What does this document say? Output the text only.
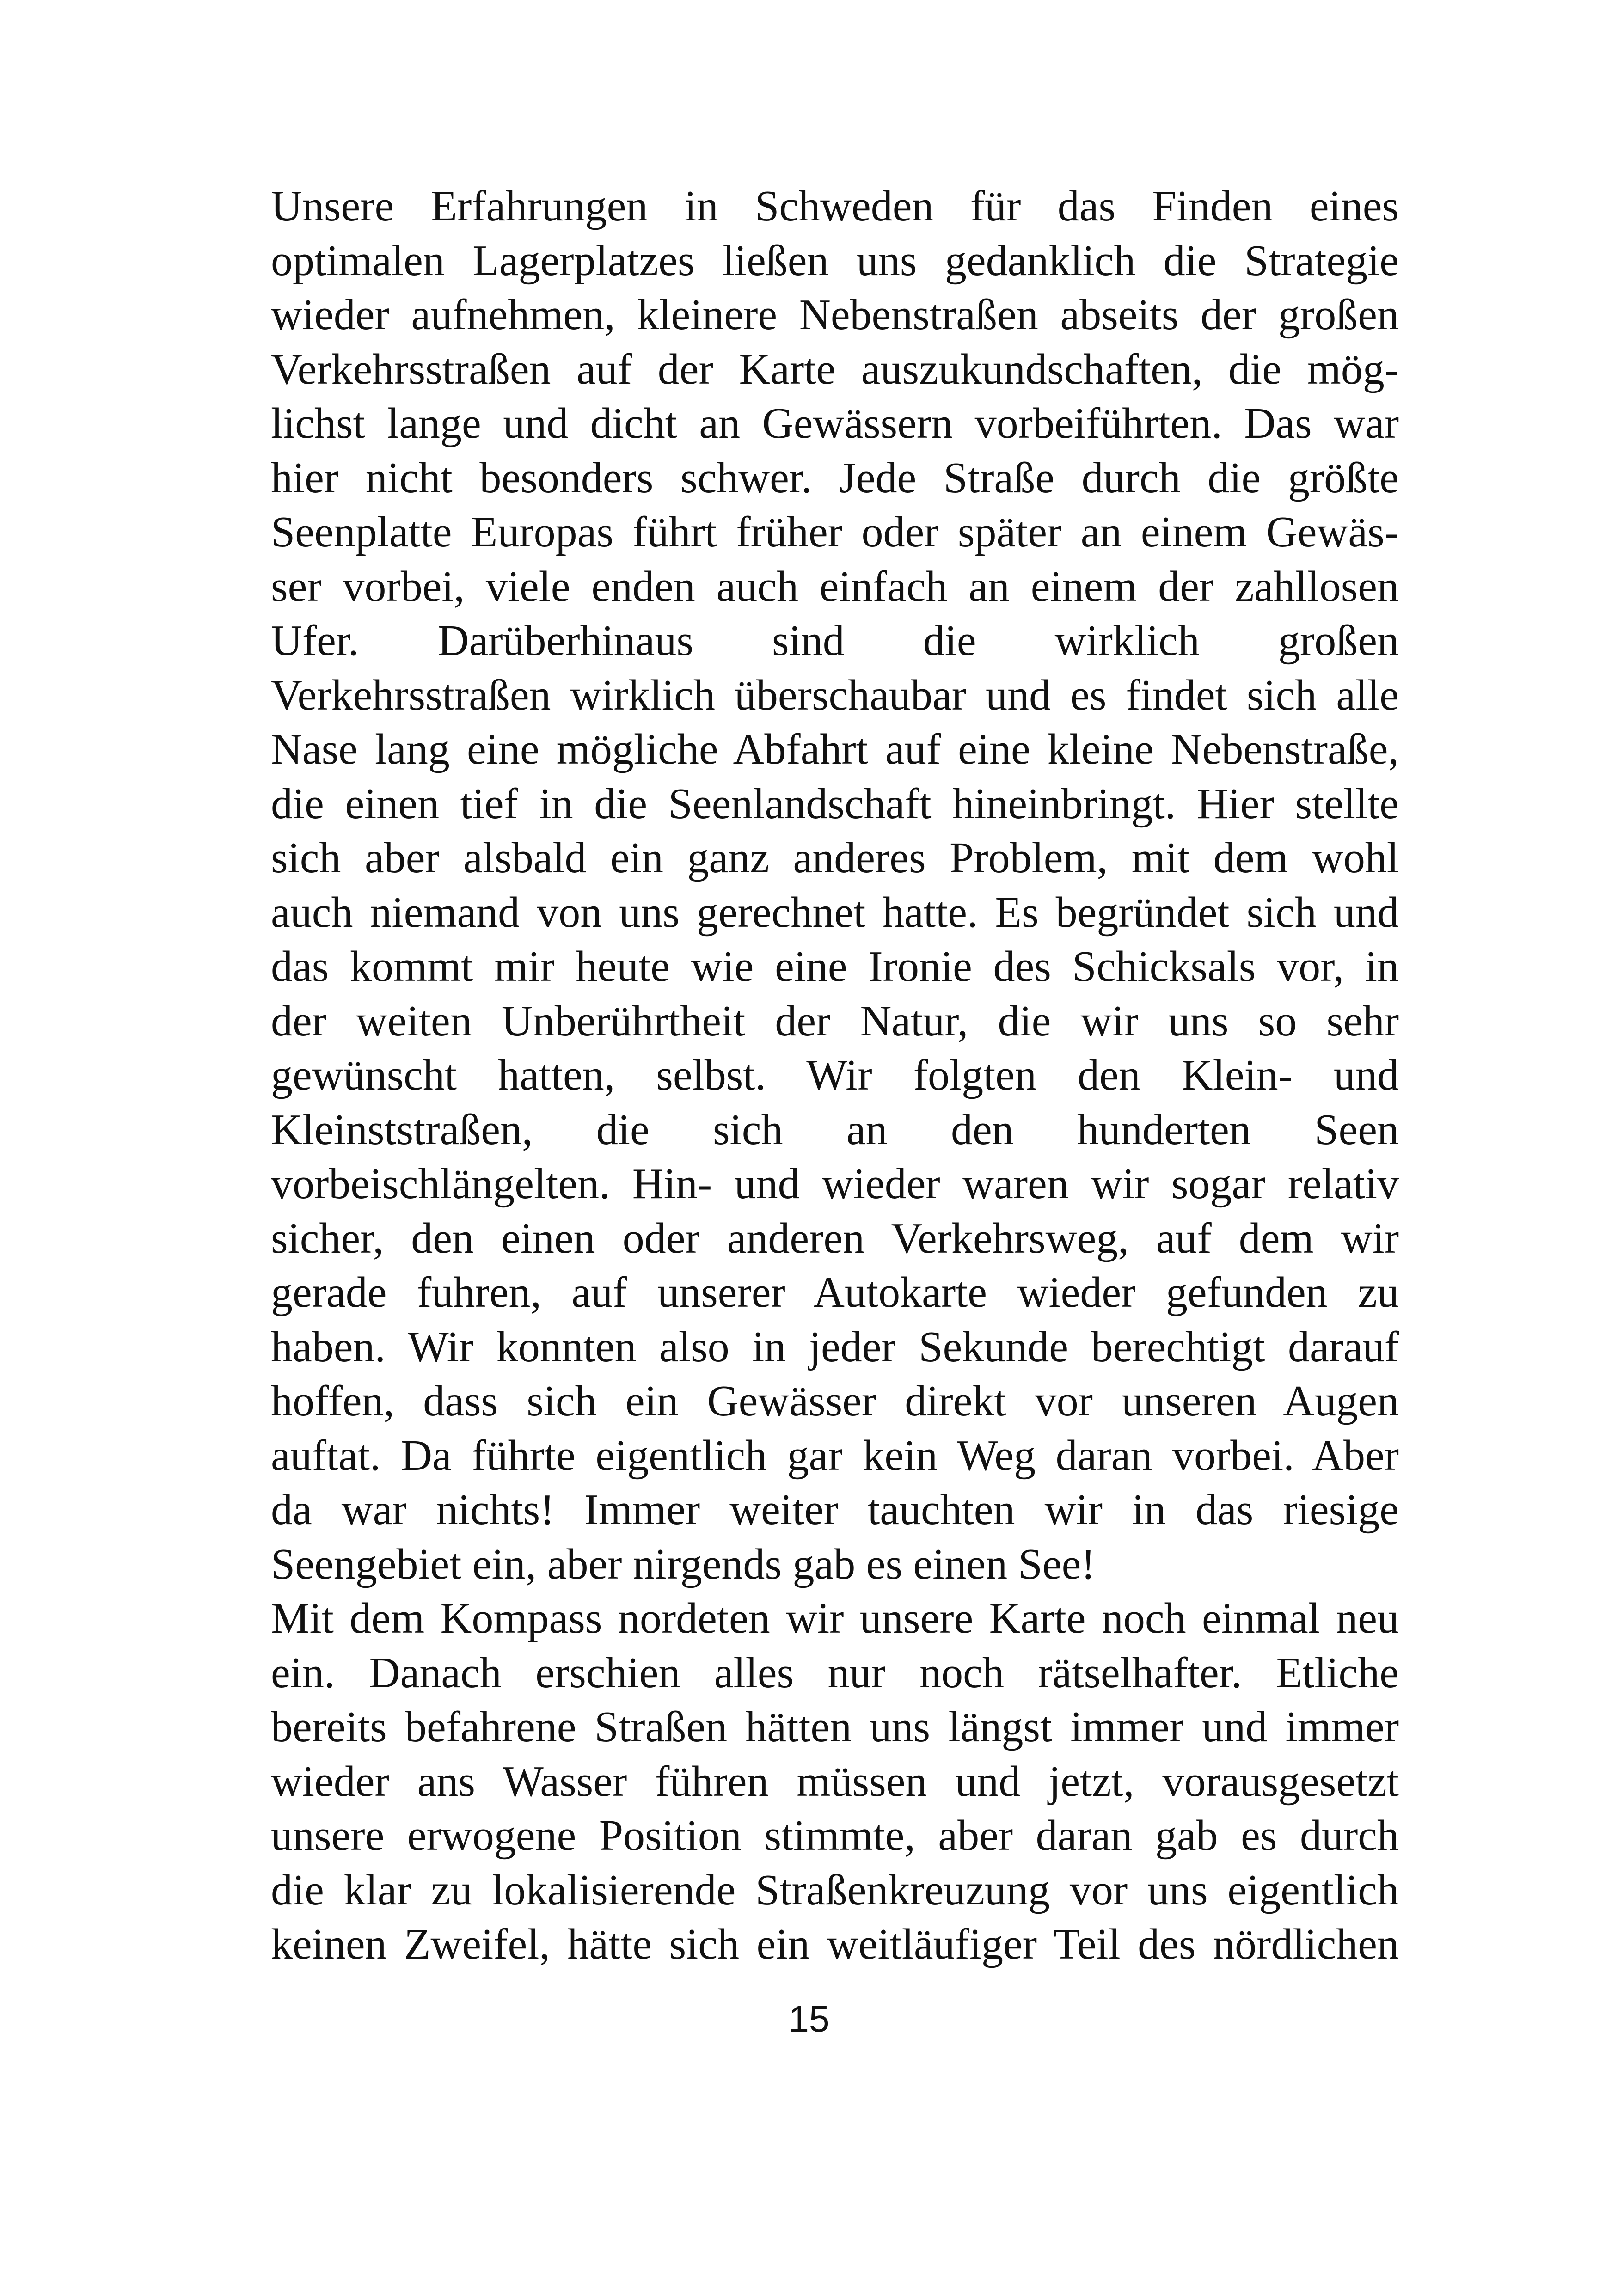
Unsere Erfahrungen in Schweden für das Finden eines
optimalen Lagerplatzes ließen uns gedanklich die Strategie
wieder aufnehmen, kleinere Nebenstraßen abseits der großen
Verkehrsstraßen auf der Karte auszukundschaften, die mög-
lichst lange und dicht an Gewässern vorbeiführten. Das war
hier nicht besonders schwer. Jede Straße durch die größte
Seenplatte Europas führt früher oder später an einem Gewäs-
ser vorbei, viele enden auch einfach an einem der zahllosen
Ufer. Darüberhinaus sind die wirklich großen
Verkehrsstraßen wirklich überschaubar und es findet sich alle
Nase lang eine mögliche Abfahrt auf eine kleine Nebenstraße,
die einen tief in die Seenlandschaft hineinbringt. Hier stellte
sich aber alsbald ein ganz anderes Problem, mit dem wohl
auch niemand von uns gerechnet hatte. Es begründet sich und
das kommt mir heute wie eine Ironie des Schicksals vor, in
der weiten Unberührtheit der Natur, die wir uns so sehr
gewünscht hatten, selbst. Wir folgten den Klein- und
Kleinststraßen, die sich an den hunderten Seen
vorbeischlängelten. Hin- und wieder waren wir sogar relativ
sicher, den einen oder anderen Verkehrsweg, auf dem wir
gerade fuhren, auf unserer Autokarte wieder gefunden zu
haben. Wir konnten also in jeder Sekunde berechtigt darauf
hoffen, dass sich ein Gewässer direkt vor unseren Augen
auftat. Da führte eigentlich gar kein Weg daran vorbei. Aber
da war nichts! Immer weiter tauchten wir in das riesige
Seengebiet ein, aber nirgends gab es einen See!
Mit dem Kompass nordeten wir unsere Karte noch einmal neu
ein. Danach erschien alles nur noch rätselhafter. Etliche
bereits befahrene Straßen hätten uns längst immer und immer
wieder ans Wasser führen müssen und jetzt, vorausgesetzt
unsere erwogene Position stimmte, aber daran gab es durch
die klar zu lokalisierende Straßenkreuzung vor uns eigentlich
keinen Zweifel, hätte sich ein weitläufiger Teil des nördlichen
15
